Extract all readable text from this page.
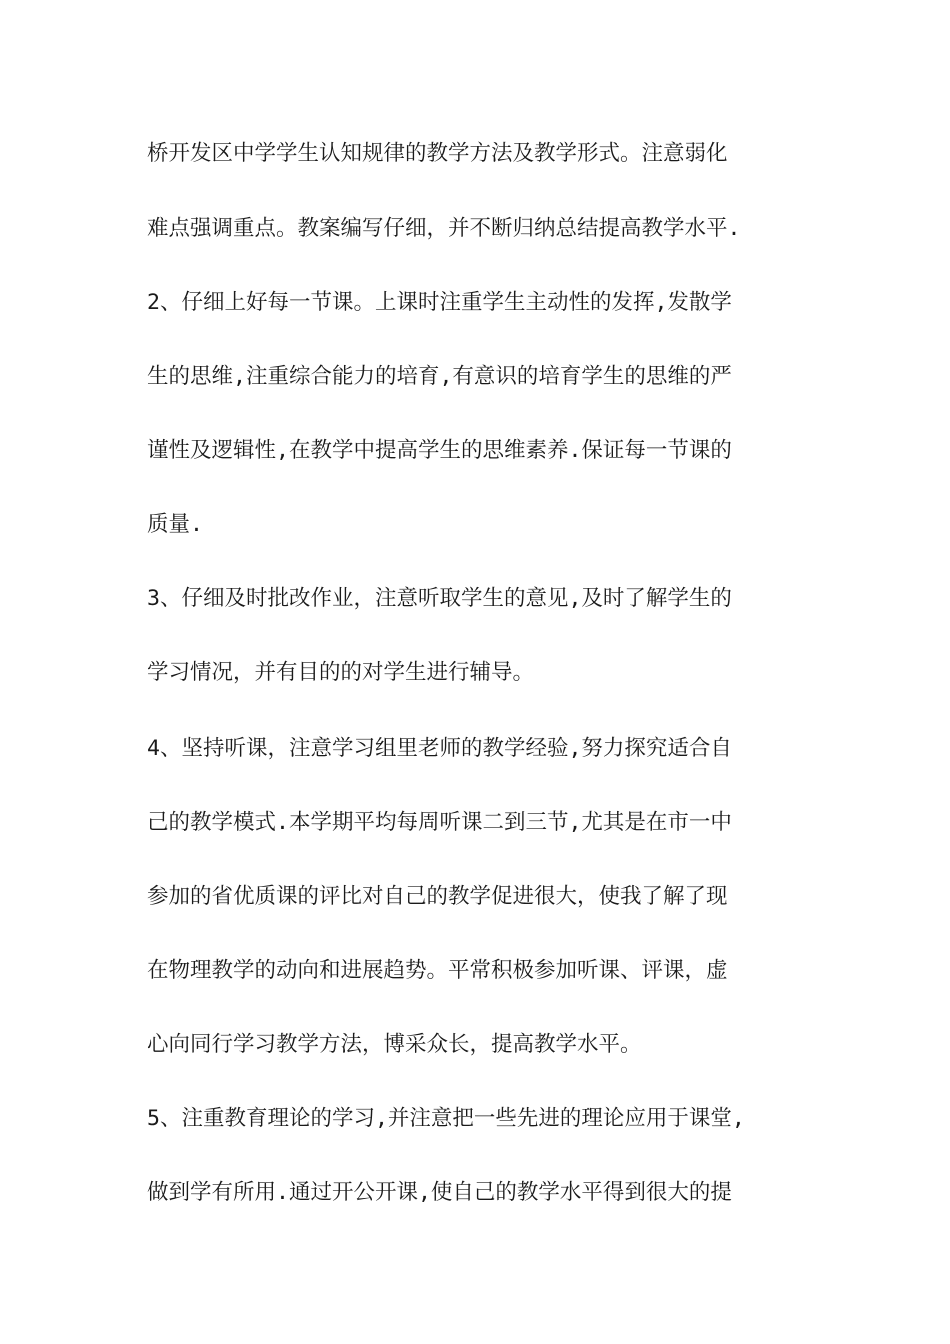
桥开发区中学学生认知规律的教学方法及教学形式。注意弱化
难点强调重点。教案编写仔细，并不断归纳总结提高教学水平.
2、仔细上好每一节课。上课时注重学生主动性的发挥,发散学
生的思维,注重综合能力的培育,有意识的培育学生的思维的严
谨性及逻辑性,在教学中提高学生的思维素养.保证每一节课的
质量.
3、仔细及时批改作业，注意听取学生的意见,及时了解学生的
学习情况，并有目的的对学生进行辅导。
4、坚持听课，注意学习组里老师的教学经验,努力探究适合自
己的教学模式.本学期平均每周听课二到三节,尤其是在市一中
参加的省优质课的评比对自己的教学促进很大，使我了解了现
在物理教学的动向和进展趋势。平常积极参加听课、评课，虚
心向同行学习教学方法，博采众长，提高教学水平。
5、注重教育理论的学习,并注意把一些先进的理论应用于课堂,
做到学有所用.通过开公开课,使自己的教学水平得到很大的提
